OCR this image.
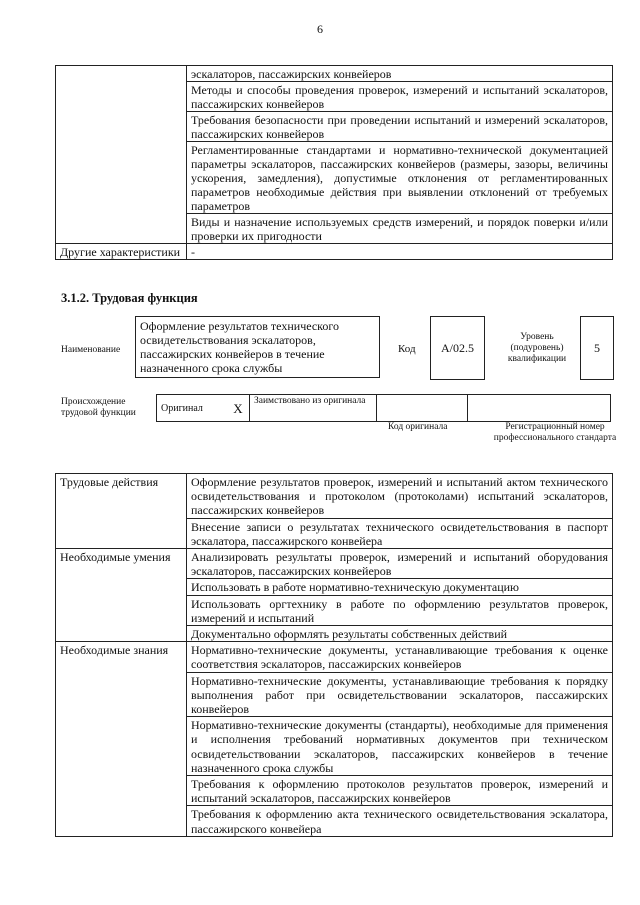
6
	эскалаторов, пассажирских конвейеров
	Методы и способы проведения проверок, измерений и испытаний эскалаторов, пассажирских конвейеров
	Требования безопасности при проведении испытаний и измерений эскалаторов, пассажирских конвейеров
	Регламентированные стандартами и нормативно-технической документацией параметры эскалаторов, пассажирских конвейеров (размеры, зазоры, величины ускорения, замедления), допустимые отклонения от регламентированных параметров необходимые действия при выявлении отклонений от требуемых параметров
	Виды и назначение используемых средств измерений, и порядок поверки и/или проверки их пригодности
Другие характеристики	-
3.1.2. Трудовая функция
Наименование
Оформление результатов технического освидетельствования эскалаторов, пассажирских конвейеров в течение назначенного срока службы
Код	A/02.5
Уровень (подуровень) квалификации
5
Происхождение трудовой функции	Оригинал	X	Заимствовано из оригинала		
Код оригинала	Регистрационный номер профессионального стандарта
Трудовые действия	Оформление результатов проверок, измерений и испытаний актом технического освидетельствования и протоколом (протоколами) испытаний эскалаторов, пассажирских конвейеров
	Внесение записи о результатах технического освидетельствования в паспорт эскалатора, пассажирского конвейера
Необходимые умения	Анализировать результаты проверок, измерений и испытаний оборудования эскалаторов, пассажирских конвейеров
	Использовать в работе нормативно-техническую документацию
	Использовать оргтехнику в работе по оформлению результатов проверок, измерений и испытаний
	Документально оформлять результаты собственных действий
Необходимые знания	Нормативно-технические документы, устанавливающие требования к оценке соответствия эскалаторов, пассажирских конвейеров
	Нормативно-технические документы, устанавливающие требования к порядку выполнения работ при освидетельствовании эскалаторов, пассажирских конвейеров
	Нормативно-технические документы (стандарты), необходимые для применения и исполнения требований нормативных документов при техническом освидетельствовании эскалаторов, пассажирских конвейеров в течение назначенного срока службы
	Требования к оформлению протоколов результатов проверок, измерений и испытаний эскалаторов, пассажирских конвейеров
	Требования к оформлению акта технического освидетельствования эскалатора, пассажирского конвейера
